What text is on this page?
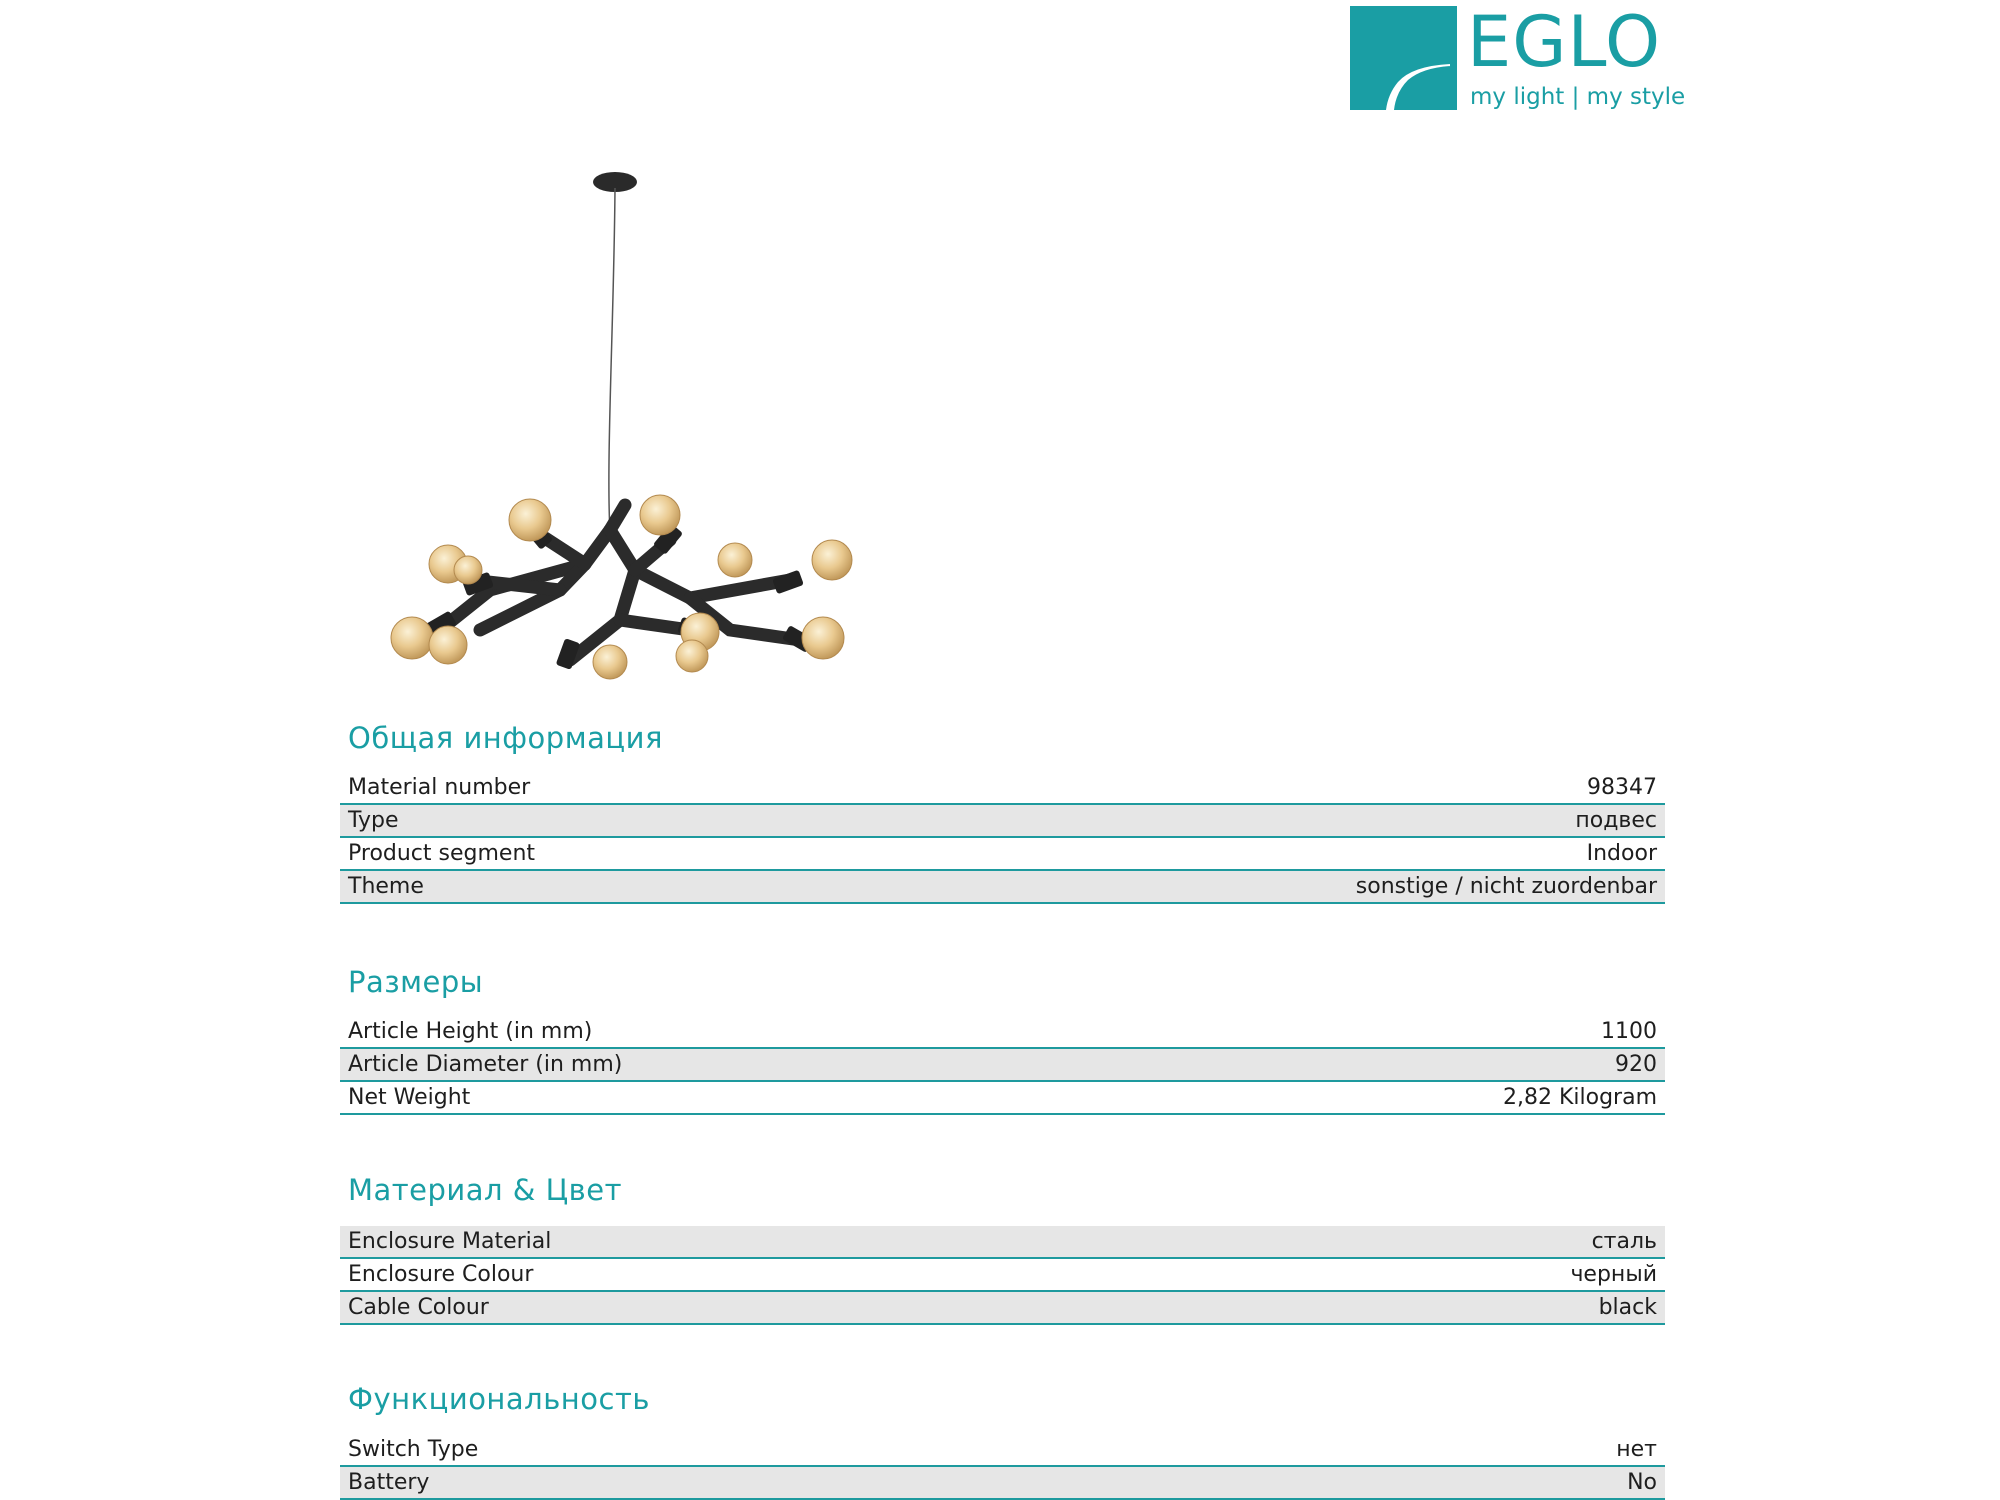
EGLO
my light | my style
Общая информация
Material number	98347
Type	подвес
Product segment	Indoor
Theme	sonstige / nicht zuordenbar
Размеры
Article Height (in mm)	1100
Article Diameter (in mm)	920
Net Weight	2,82 Kilogram
Материал & Цвет
Enclosure Material	сталь
Enclosure Colour	черный
Cable Colour	black
Функциональность
Switch Type	нет
Battery	No
